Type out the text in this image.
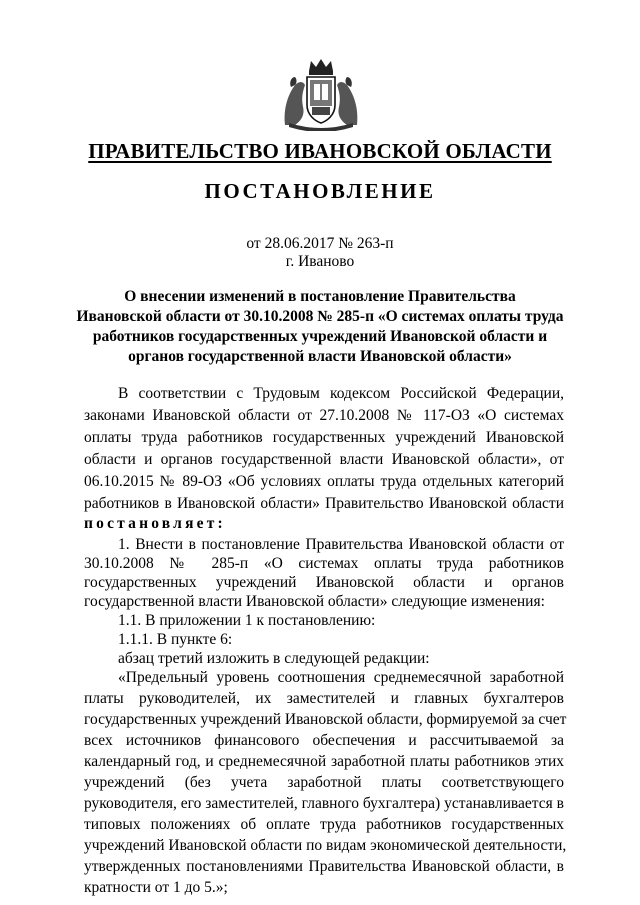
ПРАВИТЕЛЬСТВО ИВАНОВСКОЙ ОБЛАСТИ
ПОСТАНОВЛЕНИЕ
от 28.06.2017 № 263-п
г. Иваново
О внесении изменений в постановление Правительства
Ивановской области от 30.10.2008 № 285-п «О системах оплаты труда
работников государственных учреждений Ивановской области и
органов государственной власти Ивановской области»

В соответствии с Трудовым кодексом Российской Федерации,

законами Ивановской области от 27.10.2008 № 117-ОЗ «О системах

оплаты труда работников государственных учреждений Ивановской

области и органов государственной власти Ивановской области», от

06.10.2015 № 89-ОЗ «Об условиях оплаты труда отдельных категорий

работников в Ивановской области» Правительство Ивановской области

постановляет:

1. Внести в постановление Правительства Ивановской области от

30.10.2008 № 285-п «О системах оплаты труда работников

государственных учреждений Ивановской области и органов

государственной власти Ивановской области» следующие изменения:

1.1. В приложении 1 к постановлению:

1.1.1. В пункте 6:

абзац третий изложить в следующей редакции:

«Предельный уровень соотношения среднемесячной заработной

платы руководителей, их заместителей и главных бухгалтеров

государственных учреждений Ивановской области, формируемой за счет

всех источников финансового обеспечения и рассчитываемой за

календарный год, и среднемесячной заработной платы работников этих

учреждений (без учета заработной платы соответствующего

руководителя, его заместителей, главного бухгалтера) устанавливается в

типовых положениях об оплате труда работников государственных

учреждений Ивановской области по видам экономической деятельности,

утвержденных постановлениями Правительства Ивановской области, в

кратности от 1 до 5.»;
